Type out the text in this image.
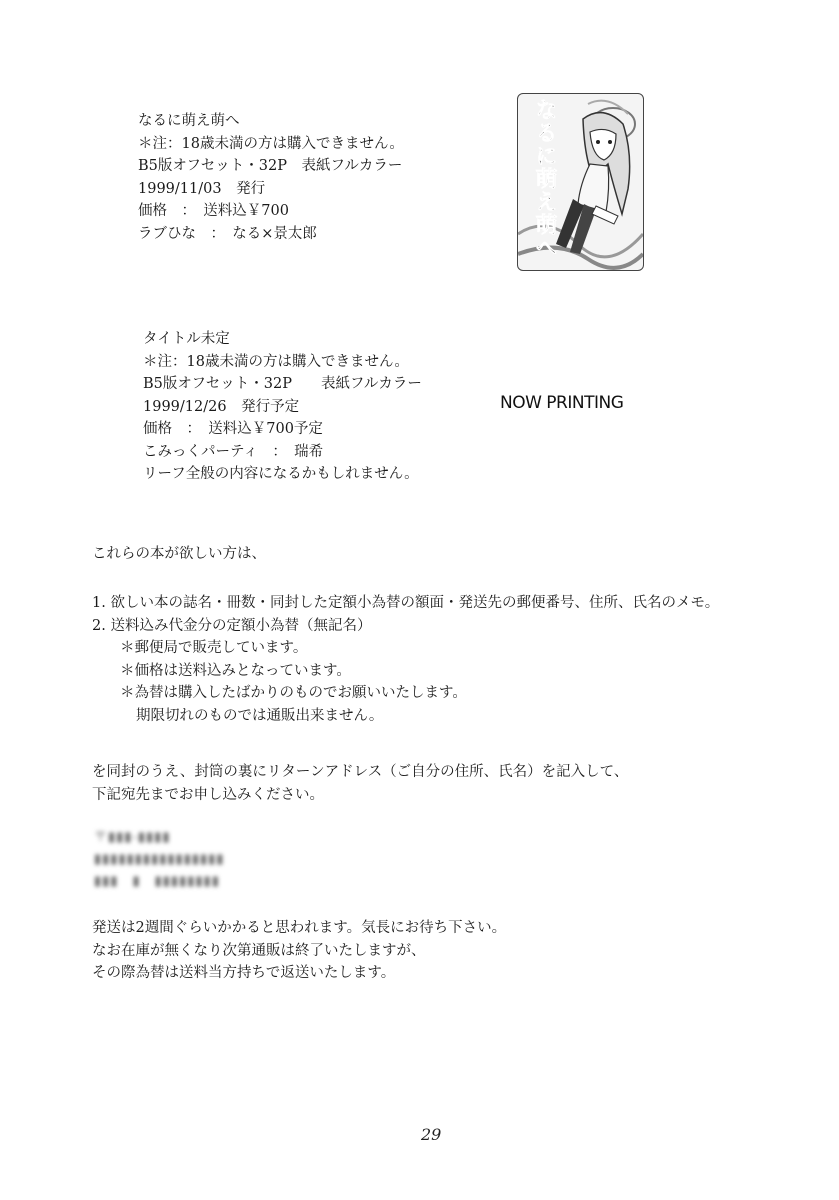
なるに萌え萌へ
＊注：18歳未満の方は購入できません。
B5版オフセット・32P　表紙フルカラー
1999/11/03　発行
価格　：　送料込￥700
ラブひな　：　なる×景太郎	なるに萌え萌へ
タイトル未定
＊注：18歳未満の方は購入できません。
B5版オフセット・32P　　表紙フルカラー
1999/12/26　発行予定
価格　：　送料込￥700予定
こみっくパーティ　：　瑞希
リーフ全般の内容になるかもしれません。
NOW PRINTING
これらの本が欲しい方は、
1. 欲しい本の誌名・冊数・同封した定額小為替の額面・発送先の郵便番号、住所、氏名のメモ。
2. 送料込み代金分の定額小為替（無記名）
＊郵便局で販売しています。
＊価格は送料込みとなっています。
＊為替は購入したばかりのものでお願いいたします。
期限切れのものでは通販出来ません。
を同封のうえ、封筒の裏にリターンアドレス（ご自分の住所、氏名）を記入して、
下記宛先までお申し込みください。
〒▮▮▮-▮▮▮▮
▮▮▮▮▮▮▮▮▮▮▮▮▮▮▮▮
▮▮▮　▮　▮▮▮▮▮▮▮▮
発送は2週間ぐらいかかると思われます。気長にお待ち下さい。
なお在庫が無くなり次第通販は終了いたしますが、
その際為替は送料当方持ちで返送いたします。
29
